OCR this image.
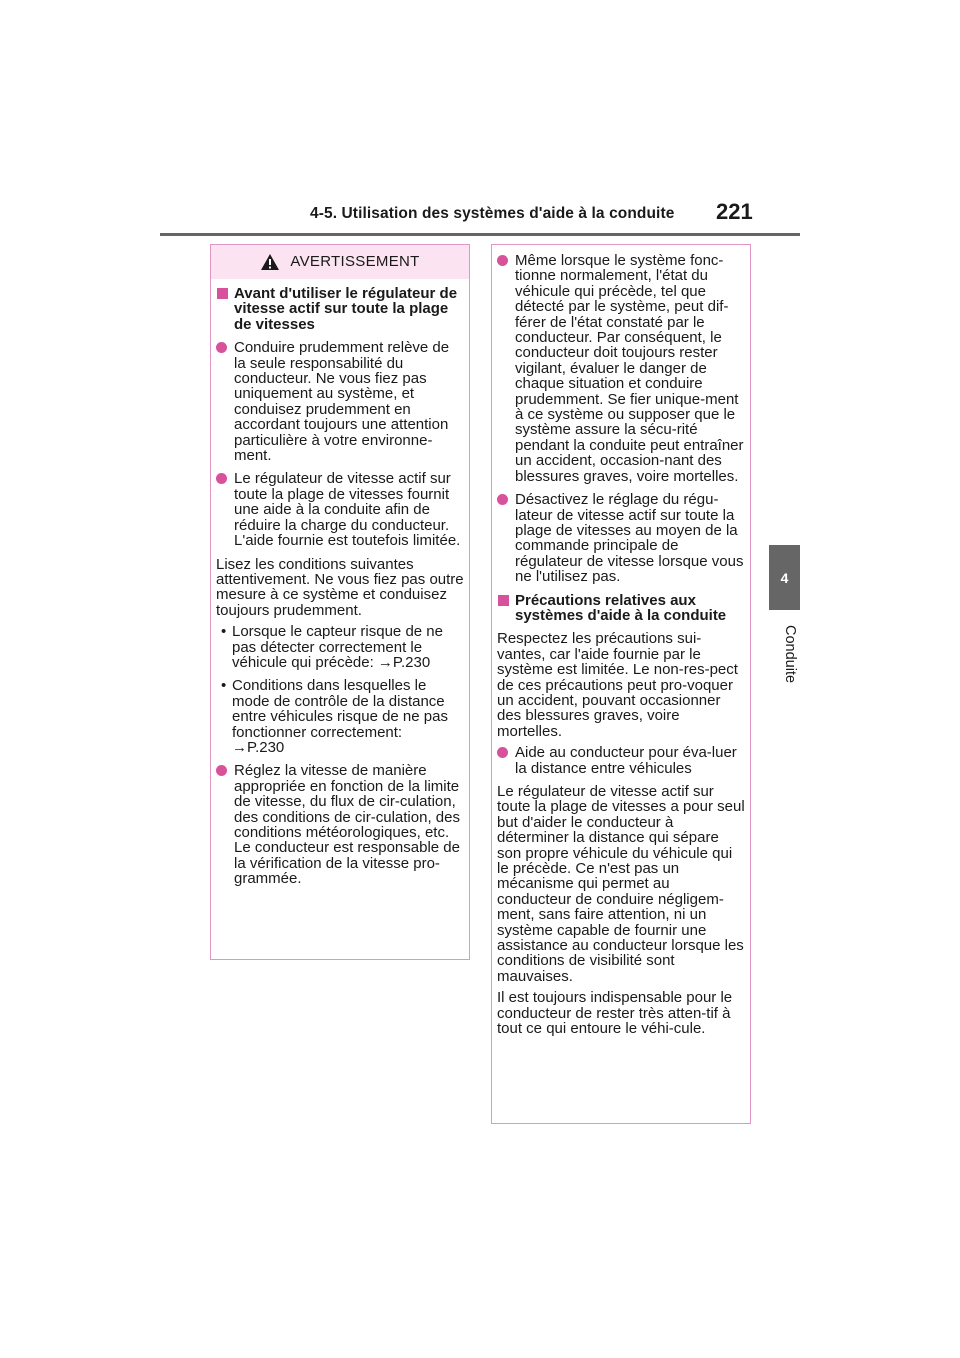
4-5. Utilisation des systèmes d'aide à la conduite 221
4
Conduite
AVERTISSEMENT
Avant d'utiliser le régulateur de vitesse actif sur toute la plage de vitesses
Conduire prudemment relève de la seule responsabilité du conducteur. Ne vous fiez pas uniquement au système, et conduisez prudemment en accordant toujours une attention particulière à votre environne-ment.
Le régulateur de vitesse actif sur toute la plage de vitesses fournit une aide à la conduite afin de réduire la charge du conducteur. L'aide fournie est toutefois limitée.
Lisez les conditions suivantes attentivement. Ne vous fiez pas outre mesure à ce système et conduisez toujours prudemment.
• Lorsque le capteur risque de ne pas détecter correctement le véhicule qui précède: →P.230
• Conditions dans lesquelles le mode de contrôle de la distance entre véhicules risque de ne pas fonctionner correctement:
→P.230
Réglez la vitesse de manière appropriée en fonction de la limite de vitesse, du flux de cir-culation, des conditions de cir-culation, des conditions météorologiques, etc. Le conducteur est responsable de la vérification de la vitesse pro-grammée.
Même lorsque le système fonc-tionne normalement, l'état du véhicule qui précède, tel que détecté par le système, peut dif-férer de l'état constaté par le conducteur. Par conséquent, le conducteur doit toujours rester vigilant, évaluer le danger de chaque situation et conduire prudemment. Se fier unique-ment à ce système ou supposer que le système assure la sécu-rité pendant la conduite peut entraîner un accident, occasion-nant des blessures graves, voire mortelles.
Désactivez le réglage du régu-lateur de vitesse actif sur toute la plage de vitesses au moyen de la commande principale de régulateur de vitesse lorsque vous ne l'utilisez pas.
Précautions relatives aux systèmes d'aide à la conduite
Respectez les précautions sui-vantes, car l'aide fournie par le système est limitée. Le non-res-pect de ces précautions peut pro-voquer un accident, pouvant occasionner des blessures graves, voire mortelles.
Aide au conducteur pour éva-luer la distance entre véhicules
Le régulateur de vitesse actif sur toute la plage de vitesses a pour seul but d'aider le conducteur à déterminer la distance qui sépare son propre véhicule du véhicule qui le précède. Ce n'est pas un mécanisme qui permet au conducteur de conduire négligem-ment, sans faire attention, ni un système capable de fournir une assistance au conducteur lorsque les conditions de visibilité sont mauvaises.
Il est toujours indispensable pour le conducteur de rester très atten-tif à tout ce qui entoure le véhi-cule.
